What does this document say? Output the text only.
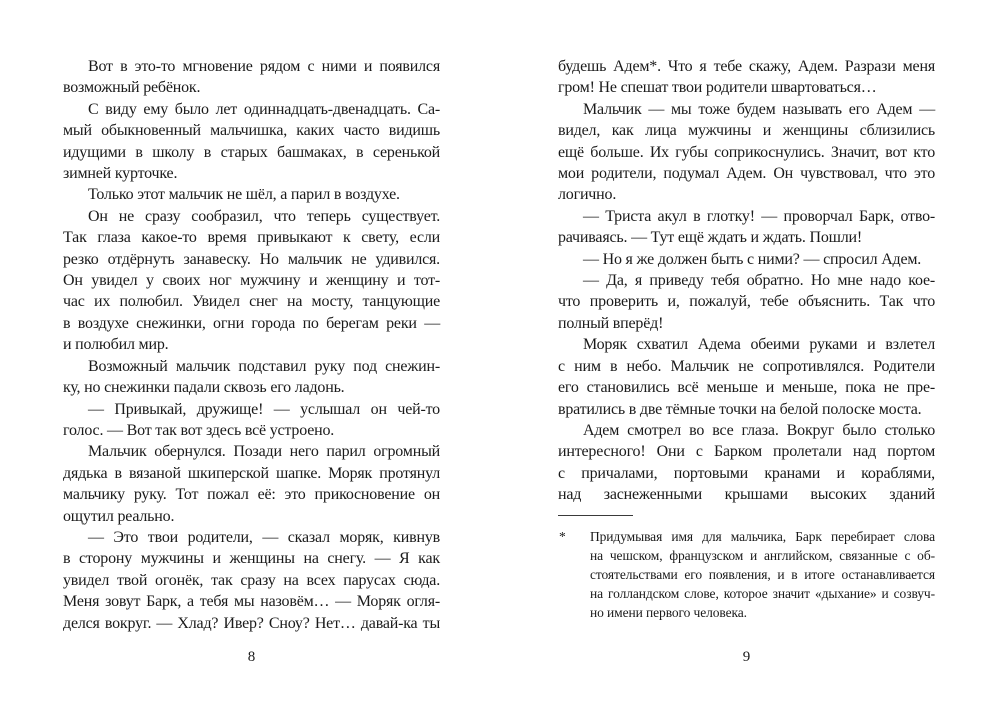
Вот в это-то мгновение рядом с ними и появился
возможный ребёнок.
С виду ему было лет одиннадцать-двенадцать. Са-
мый обыкновенный мальчишка, каких часто видишь
идущими в школу в старых башмаках, в серенькой
зимней курточке.
Только этот мальчик не шёл, а парил в воздухе.
Он не сразу сообразил, что теперь существует.
Так глаза какое-то время привыкают к свету, если
резко отдёрнуть занавеску. Но мальчик не удивился.
Он увидел у своих ног мужчину и женщину и тот-
час их полюбил. Увидел снег на мосту, танцующие
в воздухе снежинки, огни города по берегам реки —
и полюбил мир.
Возможный мальчик подставил руку под снежин-
ку, но снежинки падали сквозь его ладонь.
— Привыкай, дружище! — услышал он чей-то
голос. — Вот так вот здесь всё устроено.
Мальчик обернулся. Позади него парил огромный
дядька в вязаной шкиперской шапке. Моряк протянул
мальчику руку. Тот пожал её: это прикосновение он
ощутил реально.
— Это твои родители, — сказал моряк, кивнув
в сторону мужчины и женщины на снегу. — Я как
увидел твой огонёк, так сразу на всех парусах сюда.
Меня зовут Барк, а тебя мы назовём… — Моряк огля-
делся вокруг. — Хлад? Ивер? Сноу? Нет… давай-ка ты
8
будешь Адем*. Что я тебе скажу, Адем. Разрази меня
гром! Не спешат твои родители швартоваться…
Мальчик — мы тоже будем называть его Адем —
видел, как лица мужчины и женщины сблизились
ещё больше. Их губы соприкоснулись. Значит, вот кто
мои родители, подумал Адем. Он чувствовал, что это
логично.
— Триста акул в глотку! — проворчал Барк, отво-
рачиваясь. — Тут ещё ждать и ждать. Пошли!
— Но я же должен быть с ними? — спросил Адем.
— Да, я приведу тебя обратно. Но мне надо кое-
что проверить и, пожалуй, тебе объяснить. Так что
полный вперёд!
Моряк схватил Адема обеими руками и взлетел
с ним в небо. Мальчик не сопротивлялся. Родители
его становились всё меньше и меньше, пока не пре-
вратились в две тёмные точки на белой полоске моста.
Адем смотрел во все глаза. Вокруг было столько
интересного! Они с Барком пролетали над портом
с причалами, портовыми кранами и кораблями,
над заснеженными крышами высоких зданий
* Придумывая имя для мальчика, Барк перебирает слова
на чешском, французском и английском, связанные с об-
стоятельствами его появления, и в итоге останавливается
на голландском слове, которое значит «дыхание» и созвуч-
но имени первого человека.
9
